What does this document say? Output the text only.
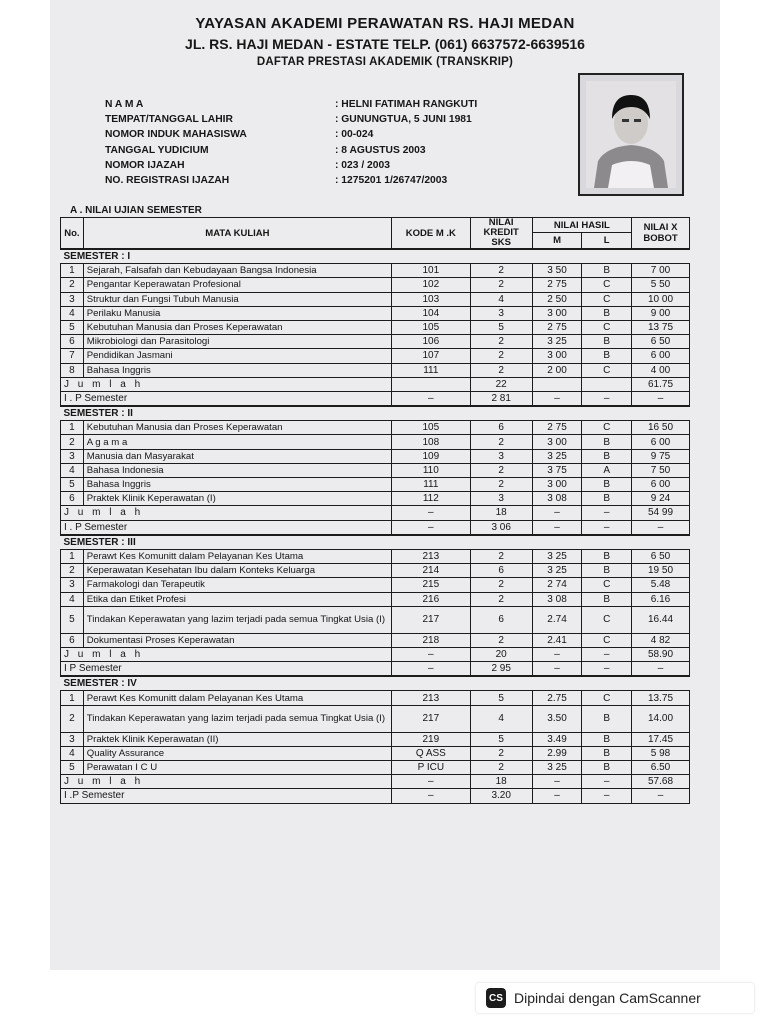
YAYASAN AKADEMI PERAWATAN RS. HAJI MEDAN
JL. RS. HAJI MEDAN - ESTATE TELP. (061) 6637572-6639516
DAFTAR PRESTASI AKADEMIK (TRANSKRIP)
N A M A	: HELNI FATIMAH RANGKUTI
TEMPAT/TANGGAL LAHIR	: GUNUNGTUA, 5 JUNI 1981
NOMOR INDUK MAHASISWA	: 00-024
TANGGAL YUDICIUM	: 8 AGUSTUS 2003
NOMOR IJAZAH	: 023 / 2003
NO. REGISTRASI IJAZAH	: 1275201 1/26747/2003
A . NILAI UJIAN SEMESTER
No.	MATA KULIAH	KODE M .K	NILAI KREDIT SKS	NILAI HASIL		NILAI X BOBOT
				M	L	
SEMESTER : I						
1	Sejarah, Falsafah dan Kebudayaan Bangsa Indonesia	101	2	3 50	B	7 00
2	Pengantar Keperawatan Profesional	102	2	2 75	C	5 50
3	Struktur dan Fungsi Tubuh Manusia	103	4	2 50	C	10 00
4	Perilaku Manusia	104	3	3 00	B	9 00
5	Kebutuhan Manusia dan Proses Keperawatan	105	5	2 75	C	13 75
6	Mikrobiologi dan Parasitologi	106	2	3 25	B	6 50
7	Pendidikan Jasmani	107	2	3 00	B	6 00
8	Bahasa Inggris	111	2	2 00	C	4 00
J u m l a h			22			61.75
I . P Semester		–	2 81	–	–	–
SEMESTER : II						
1	Kebutuhan Manusia dan Proses Keperawatan	105	6	2 75	C	16 50
2	A g a m a	108	2	3 00	B	6 00
3	Manusia dan Masyarakat	109	3	3 25	B	9 75
4	Bahasa Indonesia	110	2	3 75	A	7 50
5	Bahasa Inggris	111	2	3 00	B	6 00
6	Praktek Klinik Keperawatan (I)	112	3	3 08	B	9 24
J u m l a h		–	18	–	–	54 99
I . P Semester		–	3 06	–	–	–
SEMESTER : III						
1	Perawt Kes Komunitt dalam Pelayanan Kes Utama	213	2	3 25	B	6 50
2	Keperawatan Kesehatan Ibu dalam Konteks Keluarga	214	6	3 25	B	19 50
3	Farmakologi dan Terapeutik	215	2	2 74	C	5.48
4	Etika dan Etiket Profesi	216	2	3 08	B	6.16
5	Tindakan Keperawatan yang lazim terjadi pada semua Tingkat Usia (I)	217	6	2.74	C	16.44
6	Dokumentasi Proses Keperawatan	218	2	2.41	C	4 82
J u m l a h		–	20	–	–	58.90
I P Semester		–	2 95	–	–	–
SEMESTER : IV						
1	Perawt Kes Komunitt dalam Pelayanan Kes Utama	213	5	2.75	C	13.75
2	Tindakan Keperawatan yang lazim terjadi pada semua Tingkat Usia (I)	217	4	3.50	B	14.00
3	Praktek Klinik Keperawatan (II)	219	5	3.49	B	17.45
4	Quality Assurance	Q ASS	2	2.99	B	5 98
5	Perawatan I C U	P ICU	2	3 25	B	6.50
J u m l a h		–	18	–	–	57.68
I .P Semester		–	3.20	–	–	–
CS Dipindai dengan CamScanner
